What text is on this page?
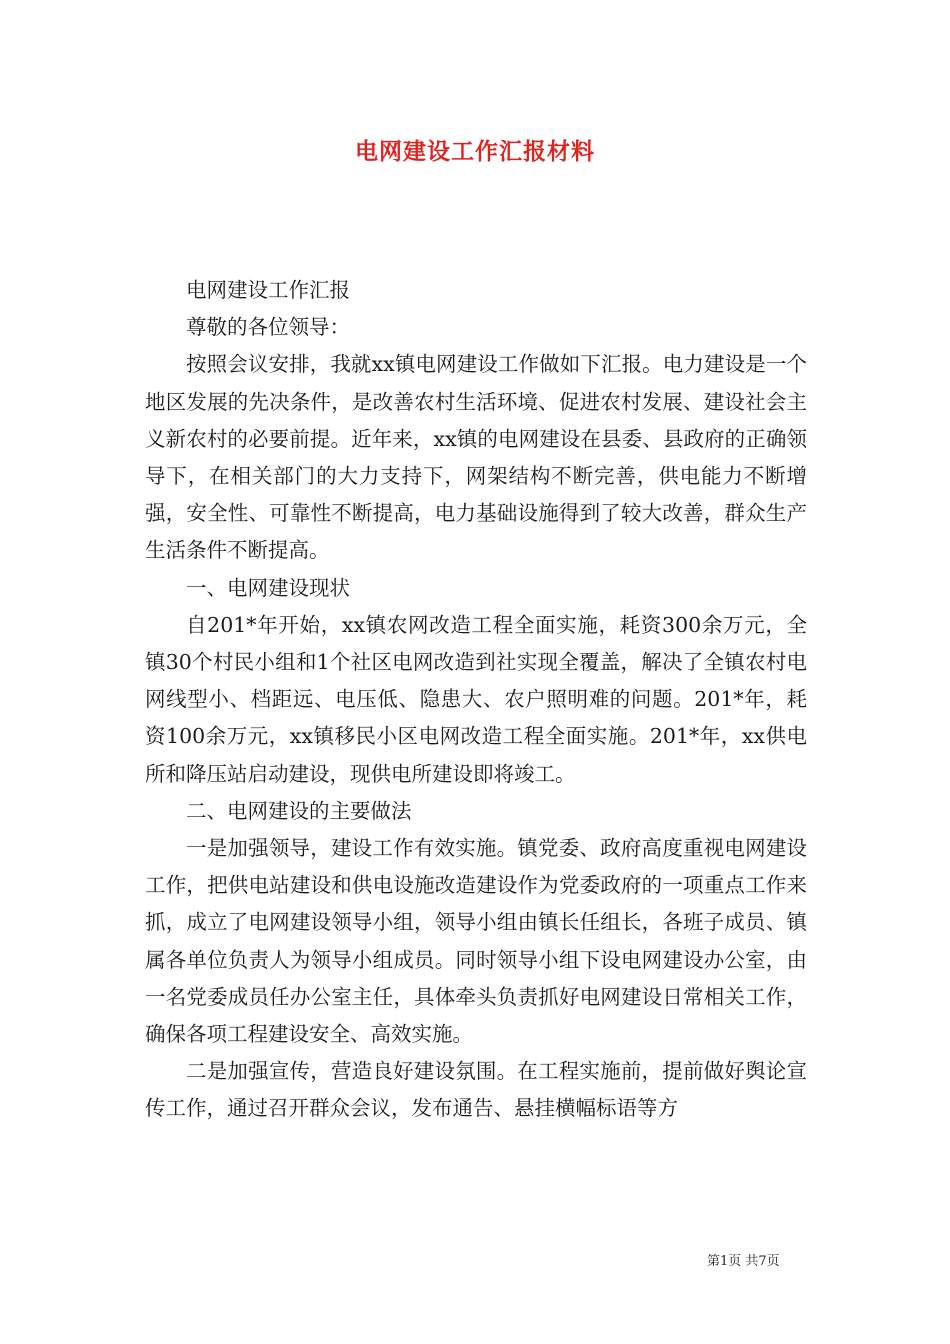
电网建设工作汇报材料

电网建设工作汇报

尊敬的各位领导：

按照会议安排，我就xx镇电网建设工作做如下汇报。电力建设是一个地区发展的先决条件，是改善农村生活环境、促进农村发展、建设社会主义新农村的必要前提。近年来，xx镇的电网建设在县委、县政府的正确领导下，在相关部门的大力支持下，网架结构不断完善，供电能力不断增强，安全性、可靠性不断提高，电力基础设施得到了较大改善，群众生产生活条件不断提高。

一、电网建设现状

自201*年开始，xx镇农网改造工程全面实施，耗资300余万元，全镇30个村民小组和1个社区电网改造到社实现全覆盖，解决了全镇农村电网线型小、档距远、电压低、隐患大、农户照明难的问题。201*年，耗资100余万元，xx镇移民小区电网改造工程全面实施。201*年，xx供电所和降压站启动建设，现供电所建设即将竣工。

二、电网建设的主要做法

一是加强领导，建设工作有效实施。镇党委、政府高度重视电网建设工作，把供电站建设和供电设施改造建设作为党委政府的一项重点工作来抓，成立了电网建设领导小组，领导小组由镇长任组长，各班子成员、镇属各单位负责人为领导小组成员。同时领导小组下设电网建设办公室，由一名党委成员任办公室主任，具体牵头负责抓好电网建设日常相关工作，确保各项工程建设安全、高效实施。

二是加强宣传，营造良好建设氛围。在工程实施前，提前做好舆论宣传工作，通过召开群众会议，发布通告、悬挂横幅标语等方

第1页 共7页
